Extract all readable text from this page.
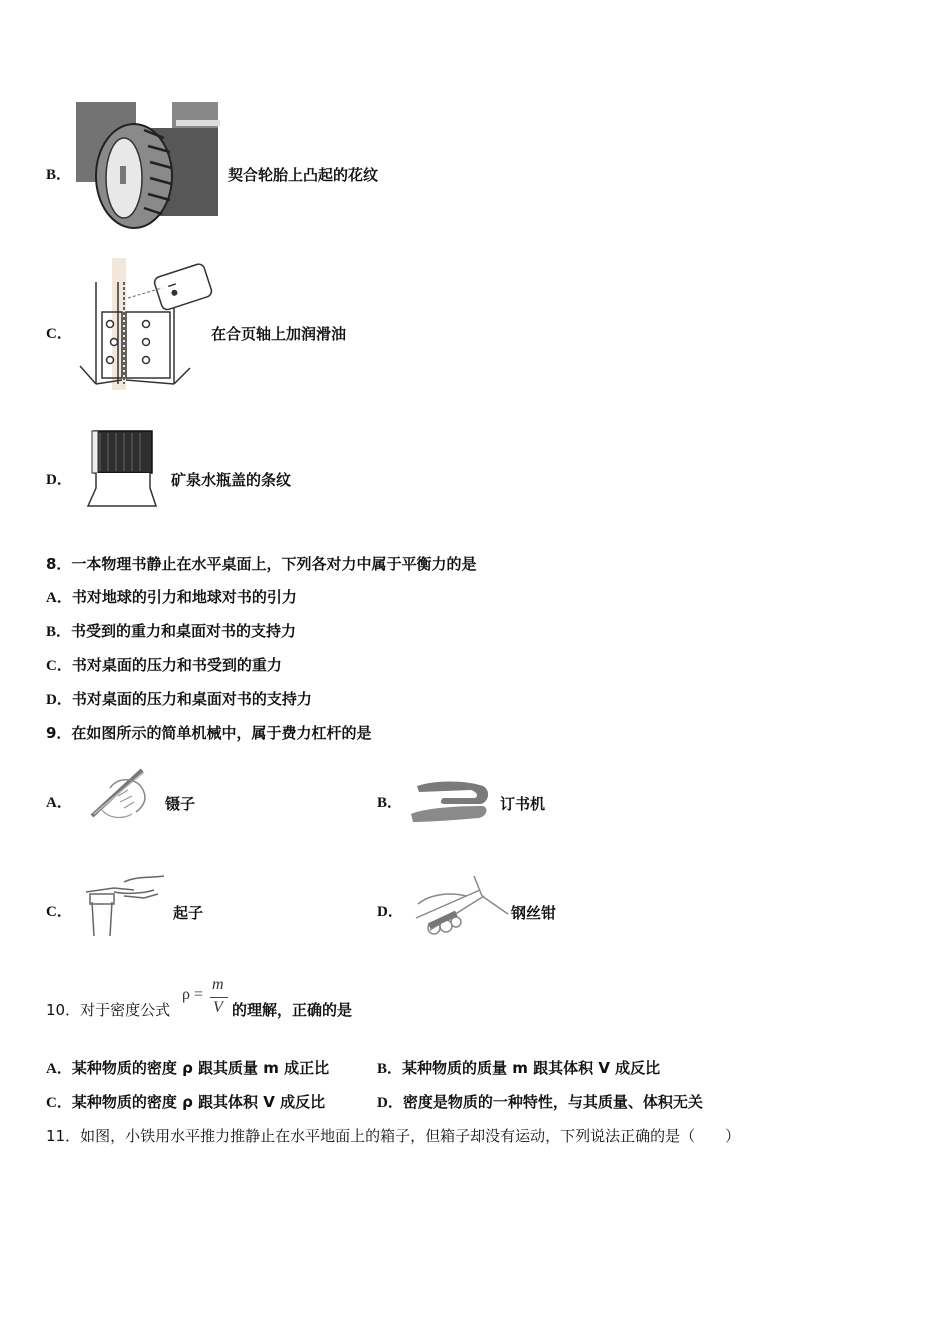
B．	契合轮胎上凸起的花纹
C．	在合页轴上加润滑油
D．	矿泉水瓶盖的条纹
8．一本物理书静止在水平桌面上，下列各对力中属于平衡力的是
A．书对地球的引力和地球对书的引力
B．书受到的重力和桌面对书的支持力
C．书对桌面的压力和书受到的重力
D．书对桌面的压力和桌面对书的支持力
9．在如图所示的简单机械中，属于费力杠杆的是
A．	镊子	B．	订书机
C．	起子	D．	钢丝钳
10．对于密度公式
ρ =
m
V 的理解，正确的是
A．某种物质的密度 ρ 跟其质量 m 成正比	B．某种物质的质量 m 跟其体积 V 成反比
C．某种物质的密度 ρ 跟其体积 V 成反比	D．密度是物质的一种特性，与其质量、体积无关
11．如图，小铁用水平推力推静止在水平地面上的箱子，但箱子却没有运动，下列说法正确的是（　　）
